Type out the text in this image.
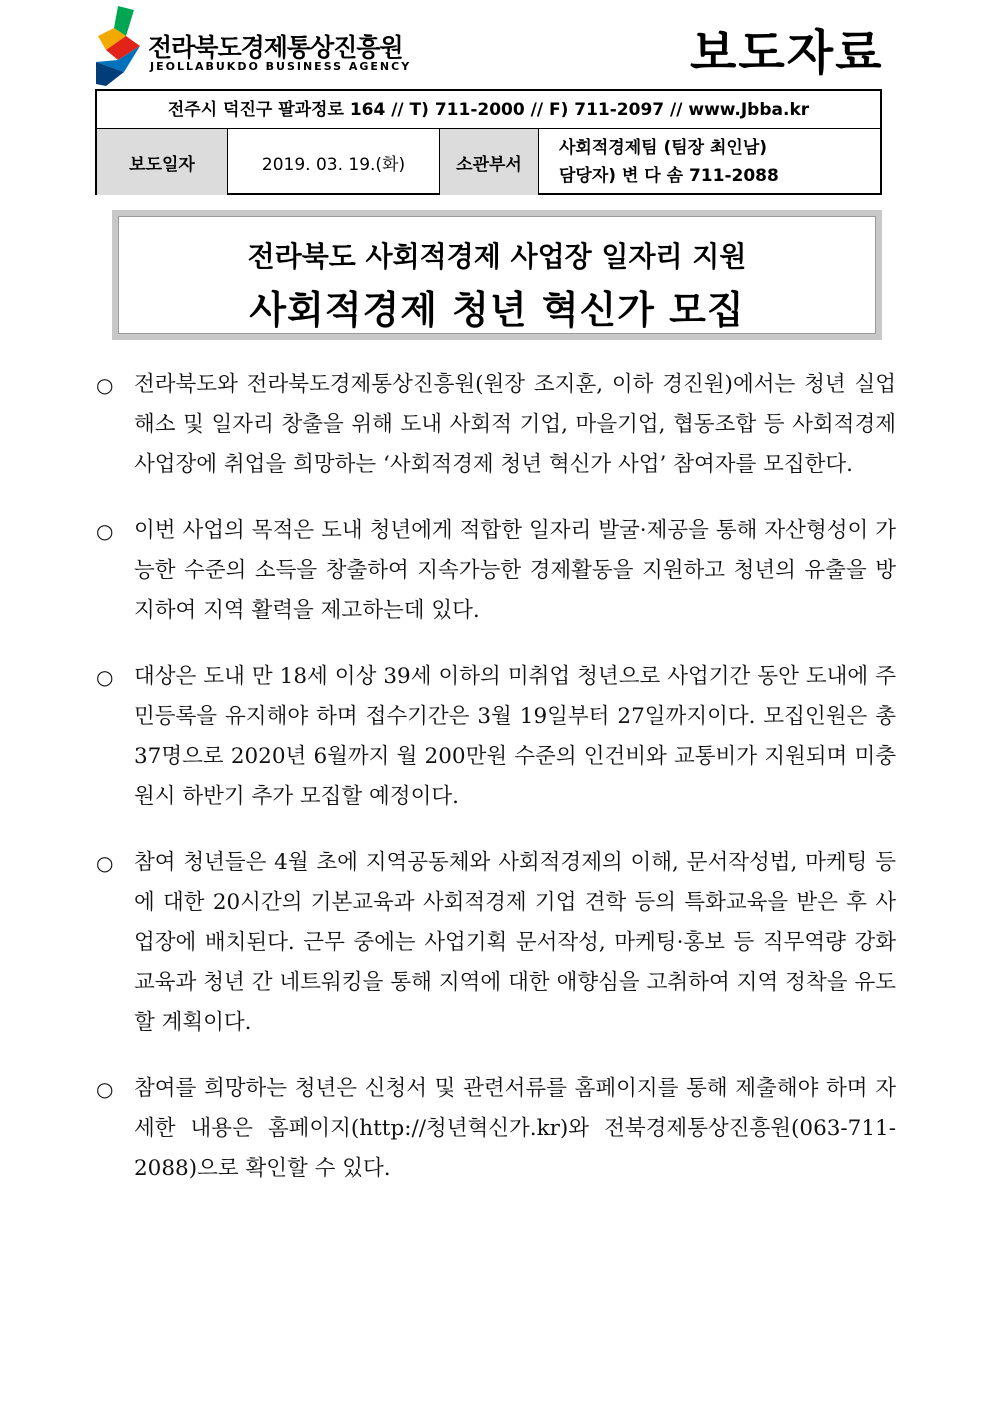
전라북도경제통상진흥원
JEOLLABUKDO BUSINESS AGENCY	보도자료
전주시 덕진구 팔과정로 164 // T) 711-2000 // F) 711-2097 // www.Jbba.kr
보도일자	2019. 03. 19.(화)	소관부서
사회적경제팀 (팀장 최인남)
담당자) 변 다 솜 711-2088
전라북도 사회적경제 사업장 일자리 지원
사회적경제 청년 혁신가 모집
○ 전라북도와 전라북도경제통상진흥원(원장 조지훈, 이하 경진원)에서는 청년 실업 해소 및 일자리 창출을 위해 도내 사회적 기업, 마을기업, 협동조합 등 사회적경제 사업장에 취업을 희망하는 ‘사회적경제 청년 혁신가 사업’ 참여자를 모집한다.
○ 이번 사업의 목적은 도내 청년에게 적합한 일자리 발굴·제공을 통해 자산형성이 가능한 수준의 소득을 창출하여 지속가능한 경제활동을 지원하고 청년의 유출을 방지하여 지역 활력을 제고하는데 있다.
○ 대상은 도내 만 18세 이상 39세 이하의 미취업 청년으로 사업기간 동안 도내에 주민등록을 유지해야 하며 접수기간은 3월 19일부터 27일까지이다. 모집인원은 총 37명으로 2020년 6월까지 월 200만원 수준의 인건비와 교통비가 지원되며 미충원시 하반기 추가 모집할 예정이다.
○ 참여 청년들은 4월 초에 지역공동체와 사회적경제의 이해, 문서작성법, 마케팅 등에 대한 20시간의 기본교육과 사회적경제 기업 견학 등의 특화교육을 받은 후 사업장에 배치된다. 근무 중에는 사업기획 문서작성, 마케팅·홍보 등 직무역량 강화교육과 청년 간 네트워킹을 통해 지역에 대한 애향심을 고취하여 지역 정착을 유도할 계획이다.
○ 참여를 희망하는 청년은 신청서 및 관련서류를 홈페이지를 통해 제출해야 하며 자세한 내용은 홈페이지(http://청년혁신가.kr)와 전북경제통상진흥원(063-711-2088)으로 확인할 수 있다.
